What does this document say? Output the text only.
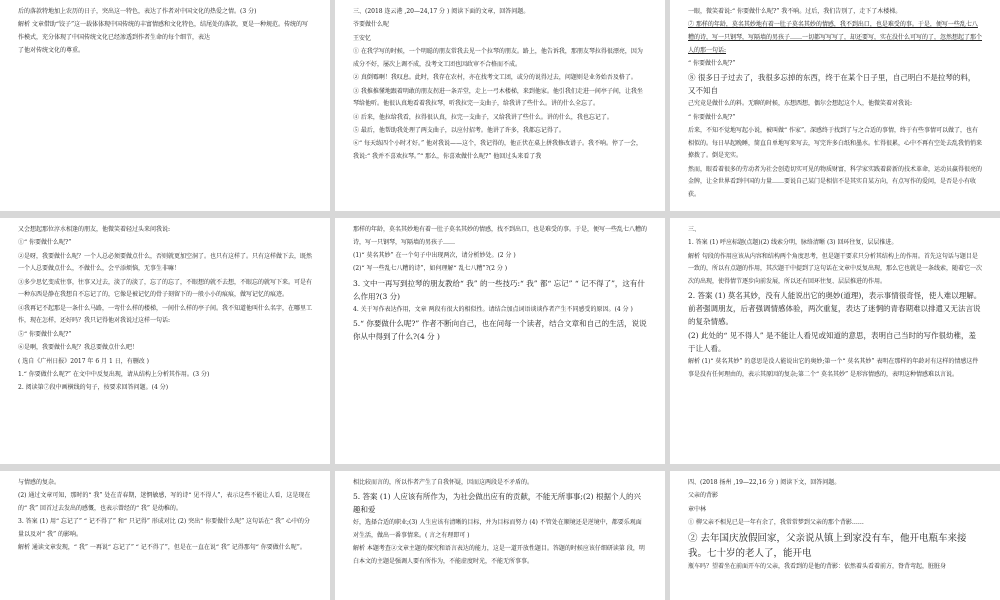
后的落款特地加上农历的日子，突出这一特色，表达了作者对中国文化的热爱之情。(3 分)

解析 文章借助“饺子”这一载体体现中国传统的丰富情感和文化特色，结尾处的落款，更是一种规范。传统的写作模式，充分体现了中国传统文化已经渗透到作者生命的每个细节，表达

了他对传统文化的尊重。

三、(2018 连云港 ,20—24,17 分 ) 阅读下面的文章，回答问题。

爷要做什么呢

王安忆

① 在我学写的时候，一个明聪的朋友常我去见一个拉琴的朋友。路上，他告诉我，那朋友琴拉得很漂亮，因为成分不好，屡次上调不成，没考文工团也因政审不合格而不成。

② 真倒霉啊！我叹息。此时，我存在农村，亦在找考文工团，或分的说得过去，问题则是业务始吾及格了。

③ 我推推懂地跟着明敢的朋友拐进一条弄堂，走上一弓木楼梯，来到他家。他引我们走进一间亭子间，让我坐琴给他听。他很认真地看着我拉琴，听我拉完一支曲子，给我讲了些什么。讲的什么全忘了。

④ 后来，他拉给我看，拉得很认真，拉完一支曲子，又给我讲了些什么。讲的什么，我也忘记了。

⑤ 最后，他帮助我处理了两支曲子，以应付招考。他讲了许多，我都忘记得了。

⑥“ 每天练四个小时才好。” 他对我说——这个，我记得的，他正伏在桌上拼我修改谱子。我不响。停了一会，我说:“ 我并不喜欢拉琴。”“ 那么，你喜欢做什么呢?” 他回过头来看了我

一眼，微笑着说:“ 你要做什么呢?” 我不响。过后，我们告别了，走下了木楼梯。

⑦ 那样的年龄，莫名其妙地有着一肚子莫名其妙的情感，我不到出口，也是难受的事。于是，便写一些乱七八糟的诗，写一只钢琴，写隔墙的男孩子……一切都写写写了，却还要写，实在没什么可写的了，忽然想起了那个人的那一句话:

“ 你要做什么呢?”

⑧ 很多日子过去了，我很多忘掉的东西，终于在某个日子里，自己明白不是拉琴的料，又不知自

己究竟是做什么的料。无聊的时候，东想西想，偶尔会想起这个人，他微笑着对我说:

“ 你要做什么呢?”

后来，不知不觉地写起小说，被叫做“ 作家”。深感终于找到了与之合适的事情，终于有些事情可以做了，也有相似的。每日早起晚睡，简直自单地写来写去，写完许多白纸和墨水。忙得很累，心中不再有空处去乱我悄悄来撩拨了。倒是充实。

然而，眼看着很多的劳动者为社会创造切实可见的物质财富，科学家实践着崭新的技术革命，运动员赢得很亮的金牌，让全世界看到中国的力量……要说自己某门是相信不是其实自某方向，有点写作的爱问，是否是小有收获。

又会想起那位淳水相逢的朋友，他微笑着轻过头来问我说:

①“ 你要做什么呢?”

②是呀，我要做什么呢？一个人总必须要做点什么，否则就更加空洞了。也只有这样了。只有这样做下去，既然一个人总要做点什么，不做什么，会平添烦恼，无事生非嘛！

③多少思忆变成往事，往事又过去，淡了的淡了，忘了的忘了，不眼想的就不去想，不眼忘的就写下来。可是有一种东西是静在我想自不忘记了的，它像是被记忆的骨子刻留下的一般小小的痕痕，做写记忆的痕迹。

④我再记不起那是一条什么马路，一弯什么样的楼梯，一间什么样的亭子间。我不知道他叫什么名字，在哪里工作，现在怎样，还好吗？我只记得他对我说过这样一句话:

⑤“ 你要做什么呢?”

⑥是啊，我要做什么呢？我总要做点什么吧！

( 选自《广州日报》2017 年 6 月 1 日，有删改 )

1.“ 你要做什么呢?” 在文中中反复出现，请从结构上分析其作用。(3 分)

2. 阅读第⑦段中画横线的句子，按要求回答问题。(4 分)

那样的年龄，莫名其妙地有着一肚子莫名其妙的情感，找不到出口，也是难受的事。于是，便写一些乱七八糟的诗，写一只钢琴，写隔墙的男孩子……

(1)“ 莫名其妙” 在一个句子中出现两次，请分析妙处。(2 分 )

(2)“ 写一些乱七八糟的诗”，如何理解“ 乱七八糟”?(2 分 )

3. 文中一再写到拉琴的朋友教给“ 我” 的一些技巧:“ 我” 都“ 忘记” “ 记不得了”，这有什么作用?(3 分)

4. 关于写作表达作用，文章 两段有很大的相似性。请结合加点词语谈谈作者产生不同感受的原因。(4 分 )

5.“ 你要做什么呢?” 作者不断向自己，也在问每一个读者，结合文章和自己的生活，说说你从中得到了什么?(4 分 )

三、

1. 答案 (1) 呼应标题(点题)(2) 线索分明，脉络清晰 (3) 回环往复，层层推进。

解析 句段的作用应该从内容和结构两个角度思考，但是题干要求只分析其结构上的作用。首先这句话与题目是一致的，所以有点题的作用，其次题干中提到了这句话在文章中反复出现，那么它也就是一条线索，随着它一次次的出现，使得情节逐步向前发展，所以还有回环往复、层层推进的作用。

2. 答案 (1) 莫名其妙，没有人能说出它的奥妙(道理)，表示事情很奇怪，使人难以理解。前者强调朋友，后者强调情感体验，两次重复，表达了迷惘的青春期难以排遣又无法言说的复杂情感。

(2) 此处的“ 见不得人” 是不能让人看见或知道的意思，表明自己当时的写作很幼稚，羞于让人看。

解析 (1)“ 莫名其妙” 的意思是没人能说出它的奥妙;第一个“ 莫名其妙” 表明在那样的年龄对有这样的情感这件事是没有任何理由的，表示其原因的复杂;第二个“ 莫名其妙” 是形容情感的，表明这种情感难以言说。

与情感的复杂。

(2) 通过文章可知，那时的“ 我” 处在青春期，迷惘敏感，写的诗“ 见不得人”，表示这些不能让人看，这是现在的“ 我” 回首过去发出的感慨，也表示曾经的“ 我” 是幼稚的。

3. 答案 (1) 用“ 忘记了” “ 记不得了” 和“ 只记得” 形成对比 (2) 突出“ 你要做什么呢” 这句话在“ 我” 心中的分量以及对“ 我” 的影响。

解析 通读文章发现，“ 我” 一再说“ 忘记了” “ 记不得了”，但是在一直在说“ 我” 记得那句“ 你要做什么呢”。

相比较而言的，所以作者产生了自我怀疑，因而这两段是不矛盾的。

5. 答案 (1) 人应该有所作为，为社会做出应有的贡献，不能无所事事;(2) 根据个人的兴趣和爱

好，选择合适的职业;(3) 人生应该有清晰的目标，并为目标而努力 (4) 不管处在顺境还是逆境中，都要乐观面对生活，做出一番事情来。( 言之有理即可 )

解析 本题考查②文章主题的探究和语言表达的能力，这是一道开放性题目。答题的时候应该仔细研读第 段，明白本文的主题是强调人要有所作为，不能虚度时光，不能无所事事。

四、(2018 扬州 ,19—22,16 分 ) 阅读下文，回答问题。

父亲的背影

章中林

① 柳父亲不相见已是一年有余了，我常常梦到父亲的那个背影……

② 去年国庆放假回家，父亲说从镇上到家没有车，他开电瓶车来接我。七十岁的老人了，能开电

瓶车吗？望着坐在前面开车的父亲，我看到的是他的背影：依然着头看着前方，脊背弯起，脏脏身
